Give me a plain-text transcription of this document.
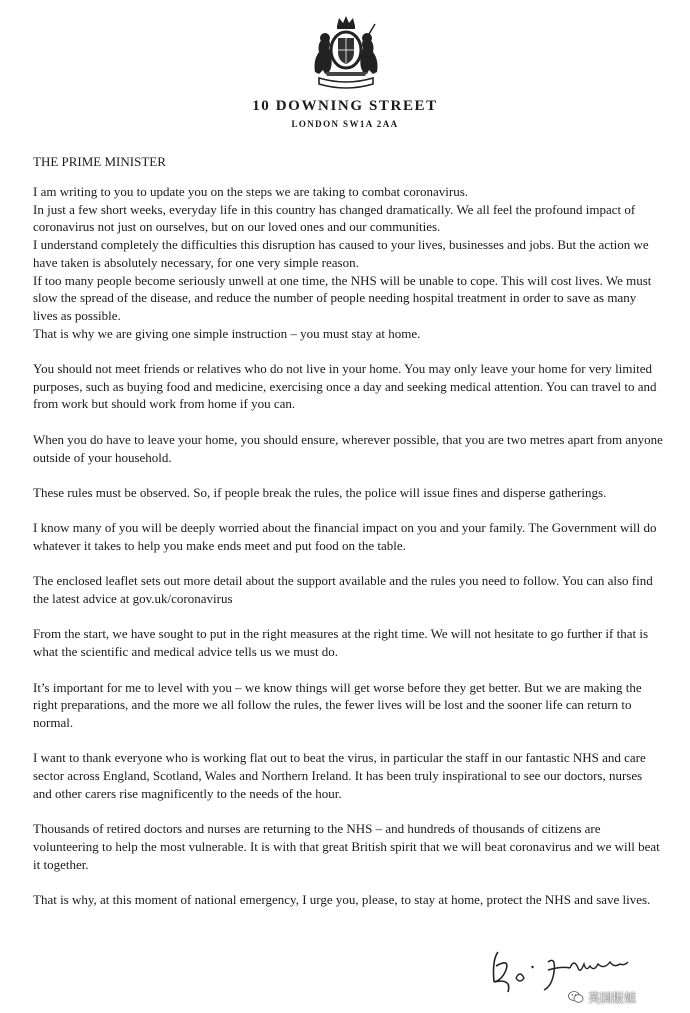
10 DOWNING STREET
LONDON SW1A 2AA
THE PRIME MINISTER

I am writing to you to update you on the steps we are taking to combat coronavirus.

In just a few short weeks, everyday life in this country has changed dramatically. We all feel the profound impact of coronavirus not just on ourselves, but on our loved ones and our communities.

I understand completely the difficulties this disruption has caused to your lives, businesses and jobs. But the action we have taken is absolutely necessary, for one very simple reason.

If too many people become seriously unwell at one time, the NHS will be unable to cope. This will cost lives. We must slow the spread of the disease, and reduce the number of people needing hospital treatment in order to save as many lives as possible.

That is why we are giving one simple instruction – you must stay at home.

You should not meet friends or relatives who do not live in your home. You may only leave your home for very limited purposes, such as buying food and medicine, exercising once a day and seeking medical attention. You can travel to and from work but should work from home if you can.

When you do have to leave your home, you should ensure, wherever possible, that you are two metres apart from anyone outside of your household.

These rules must be observed. So, if people break the rules, the police will issue fines and disperse gatherings.

I know many of you will be deeply worried about the financial impact on you and your family. The Government will do whatever it takes to help you make ends meet and put food on the table.

The enclosed leaflet sets out more detail about the support available and the rules you need to follow. You can also find the latest advice at gov.uk/coronavirus

From the start, we have sought to put in the right measures at the right time. We will not hesitate to go further if that is what the scientific and medical advice tells us we must do.

It’s important for me to level with you – we know things will get worse before they get better. But we are making the right preparations, and the more we all follow the rules, the fewer lives will be lost and the sooner life can return to normal.

I want to thank everyone who is working flat out to beat the virus, in particular the staff in our fantastic NHS and care sector across England, Scotland, Wales and Northern Ireland. It has been truly inspirational to see our doctors, nurses and other carers rise magnificently to the needs of the hour.

Thousands of retired doctors and nurses are returning to the NHS – and hundreds of thousands of citizens are volunteering to help the most vulnerable. It is with that great British spirit that we will beat coronavirus and we will beat it together.

That is why, at this moment of national emergency, I urge you, please, to stay at home, protect the NHS and save lives.

英国报姐
